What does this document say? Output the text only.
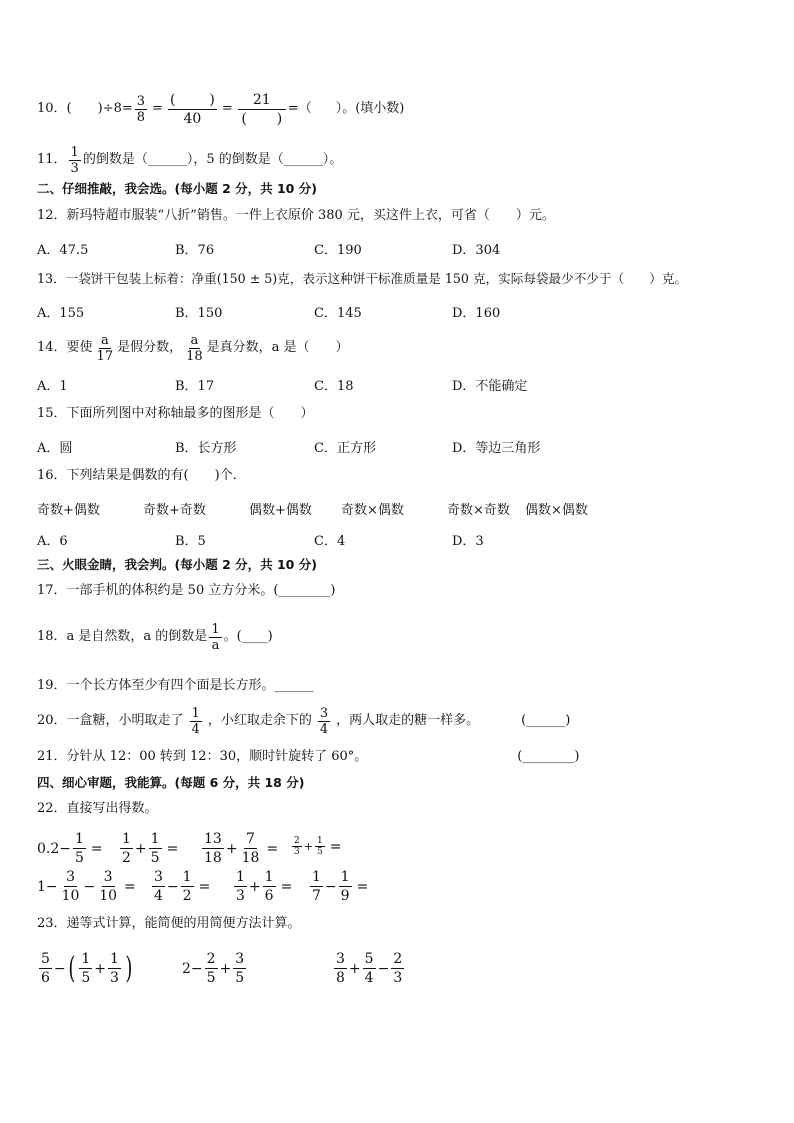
10．(
　　 )$\div 8= \frac{3}{8} = \frac{( )}{40} = \frac{21}{( )}$ =（ ）。(填小数)
11． $\frac{1}{3}$ 的倒数是（ ______ ），5 的倒数是（ ______ ）。
二、仔细推敲，我会选。(每小题 2 分，共 10 分)
12．新玛特超市服装“八折”销售。一件上衣原价 380 元，买这件上衣，可省（　　）元。
A．47.5	B．76	C．190	D．304
13．一袋饼干包装上标着：净重(150 ± 5)克，表示这种饼干标准质量是 150 克，实际每袋最少不少于（　　）克。
A．155	B．150	C．145	D．160
14．要使 $\frac{a}{17}$ 是假分数， $\frac{a}{18}$ 是真分数，a 是（　　）
A．1	B．17	C．18	D．不能确定
15．下面所列图中对称轴最多的图形是（　　）
A．圆	B．长方形	C．正方形	D．等边三角形
16．下列结果是偶数的有(　　)个．
奇数+偶数	奇数+奇数	偶数+偶数 奇数×偶数	奇数×奇数 偶数×偶数
A．6	B．5	C．4	D．3
三、火眼金睛，我会判。(每小题 2 分，共 10 分)
17．一部手机的体积约是 50 立方分米。( ________ )
18．a 是自然数，a 的倒数是 $\frac{1}{a}$ 。( ____ )
19．一个长方体至少有四个面是长方形。 ______
20．一盒糖，小明取走了 $\frac{1}{4}$ ，小红取走余下的 $\frac{3}{4}$ ，两人取走的糖一样多。	( ______ )
21．分针从 12：00 转到 12：30，顺时针旋转了 60°。	( ________ )
四、细心审题，我能算。(每题 6 分，共 18 分)
22．直接写出得数。
$0.2- \frac{1}{5} = \frac{1}{2} + \frac{1}{5} = \frac{13}{18} + \frac{7}{18} = \frac{2}{3} + \frac{1}{5}$ =
$1- \frac{3}{10} - \frac{3}{10} = \frac{3}{4} - \frac{1}{2} = \frac{1}{3} + \frac{1}{6} = \frac{1}{7} - \frac{1}{9}$ =
23．递等式计算，能简便的用简便方法计算。
$\frac{5}{6}$ − ( $\frac{1}{5} + \frac{1}{3}$ )	$2- \frac{2}{5} + \frac{3}{5}$	$\frac{3}{8} + \frac{5}{4} - \frac{2}{3}$
